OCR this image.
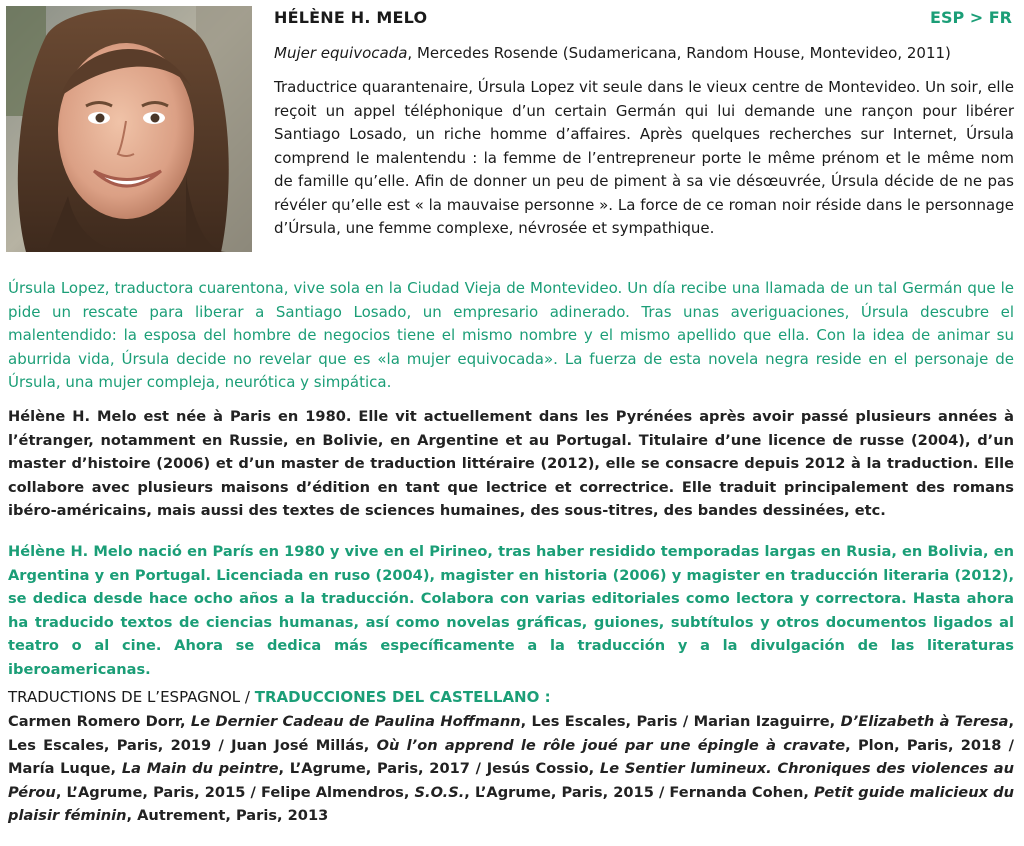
HÉLÈNE H. MELO	ESP > FR
Mujer equivocada, Mercedes Rosende (Sudamericana, Random House, Montevideo, 2011)
Traductrice quarantenaire, Úrsula Lopez vit seule dans le vieux centre de Montevideo. Un soir, elle reçoit un appel téléphonique d’un certain Germán qui lui demande une rançon pour libérer Santiago Losado, un riche homme d’affaires. Après quelques recherches sur Internet, Úrsula comprend le malentendu : la femme de l’entrepreneur porte le même prénom et le même nom de famille qu’elle. Afin de donner un peu de piment à sa vie désœuvrée, Úrsula décide de ne pas révéler qu’elle est « la mauvaise personne ». La force de ce roman noir réside dans le personnage d’Úrsula, une femme complexe, névrosée et sympathique.
Úrsula Lopez, traductora cuarentona, vive sola en la Ciudad Vieja de Montevideo. Un día recibe una llamada de un tal Germán que le pide un rescate para liberar a Santiago Losado, un empresario adinerado. Tras unas averiguaciones, Úrsula descubre el malentendido: la esposa del hombre de negocios tiene el mismo nombre y el mismo apellido que ella. Con la idea de animar su aburrida vida, Úrsula decide no revelar que es «la mujer equivocada». La fuerza de esta novela negra reside en el personaje de Úrsula, una mujer compleja, neurótica y simpática.
Hélène H. Melo est née à Paris en 1980. Elle vit actuellement dans les Pyrénées après avoir passé plusieurs années à l’étranger, notamment en Russie, en Bolivie, en Argentine et au Portugal. Titulaire d’une licence de russe (2004), d’un master d’histoire (2006) et d’un master de traduction littéraire (2012), elle se consacre depuis 2012 à la traduction. Elle collabore avec plusieurs maisons d’édition en tant que lectrice et correctrice. Elle traduit principalement des romans ibéro-américains, mais aussi des textes de sciences humaines, des sous-titres, des bandes dessinées, etc.
Hélène H. Melo nació en París en 1980 y vive en el Pirineo, tras haber residido temporadas largas en Rusia, en Bolivia, en Argentina y en Portugal. Licenciada en ruso (2004), magister en historia (2006) y magister en traducción literaria (2012), se dedica desde hace ocho años a la traducción. Colabora con varias editoriales como lectora y correctora. Hasta ahora ha traducido textos de ciencias humanas, así como novelas gráficas, guiones, subtítulos y otros documentos ligados al teatro o al cine. Ahora se dedica más específicamente a la traducción y a la divulgación de las literaturas iberoamericanas.
TRADUCTIONS DE L’ESPAGNOL / TRADUCCIONES DEL CASTELLANO :
Carmen Romero Dorr, Le Dernier Cadeau de Paulina Hoffmann, Les Escales, Paris / Marian Izaguirre, D’Elizabeth à Teresa, Les Escales, Paris, 2019 / Juan José Millás, Où l’on apprend le rôle joué par une épingle à cravate, Plon, Paris, 2018 / María Luque, La Main du peintre, L’Agrume, Paris, 2017 / Jesús Cossio, Le Sentier lumineux. Chroniques des violences au Pérou, L’Agrume, Paris, 2015 / Felipe Almendros, S.O.S., L’Agrume, Paris, 2015 / Fernanda Cohen, Petit guide malicieux du plaisir féminin, Autrement, Paris, 2013
